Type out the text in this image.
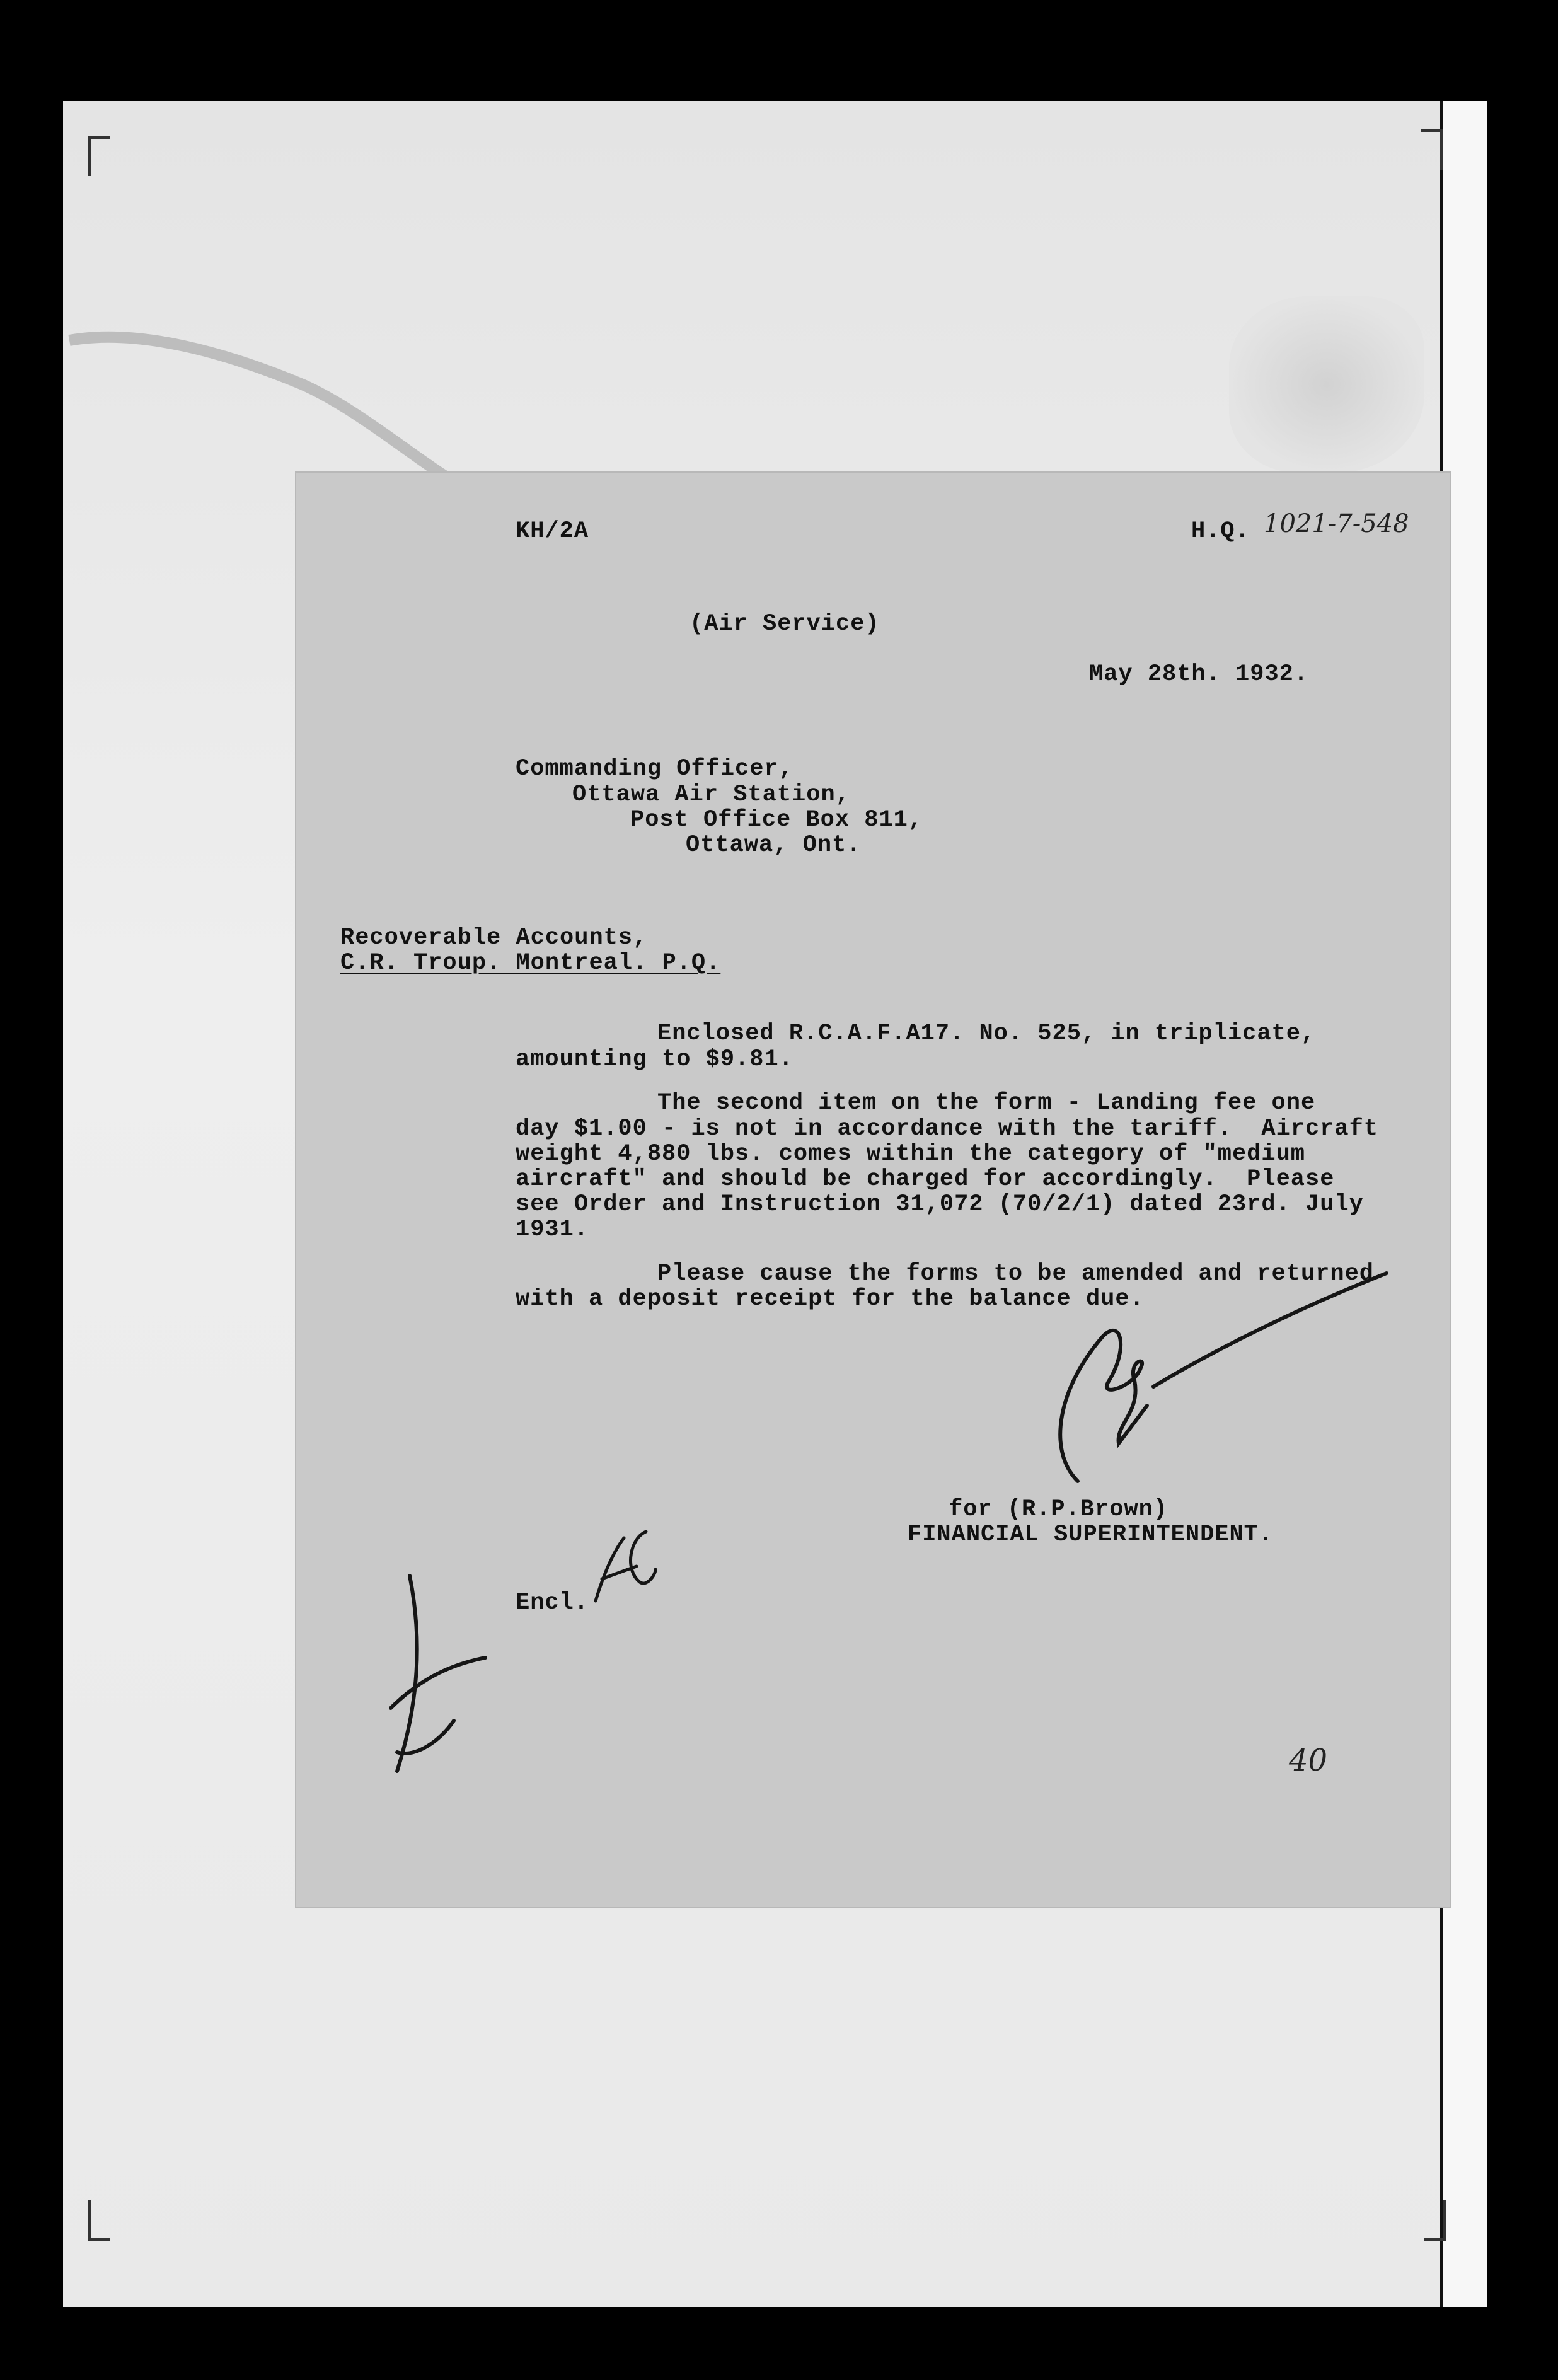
KH/2A	H.Q. 1021-7-548

(Air Service)

May 28th. 1932.

Commanding Officer,

Ottawa Air Station,

Post Office Box 811,

Ottawa, Ont.

Recoverable Accounts,

C.R. Troup. Montreal. P.Q.

Enclosed R.C.A.F.A17. No. 525, in triplicate,

amounting to $9.81.

The second item on the form - Landing fee one

day $1.00 - is not in accordance with the tariff.  Aircraft

weight 4,880 lbs. comes within the category of "medium

aircraft" and should be charged for accordingly.  Please

see Order and Instruction 31,072 (70/2/1) dated 23rd. July

1931.

Please cause the forms to be amended and returned

with a deposit receipt for the balance due.

for (R.P.Brown)

FINANCIAL SUPERINTENDENT.

Encl.

40
